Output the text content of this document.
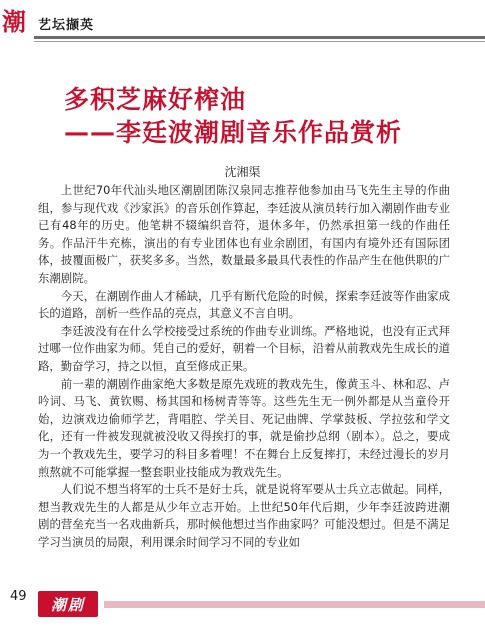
潮 艺坛撷英
多积芝麻好榨油
——李廷波潮剧音乐作品赏析
沈湘渠

上世纪70年代汕头地区潮剧团陈汉泉同志推荐他参加由马飞先生主导的作曲组，参与现代戏《沙家浜》的音乐创作算起，李廷波从演员转行加入潮剧作曲专业已有48年的历史。他笔耕不辍编织音符，退休多年，仍然承担第一线的作曲任务。作品汗牛充栋，演出的有专业团体也有业余剧团，有国内有境外还有国际团体，披覆面极广，获奖多多。当然，数量最多最具代表性的作品产生在他供职的广东潮剧院。

今天，在潮剧作曲人才稀缺，几乎有断代危险的时候，探索李廷波等作曲家成长的道路，剖析一些作品的亮点，其意义不言自明。

李廷波没有在什么学校接受过系统的作曲专业训练。严格地说，也没有正式拜过哪一位作曲家为师。凭自己的爱好，朝着一个目标，沿着从前教戏先生成长的道路，勤奋学习，持之以恒，直至修成正果。

前一辈的潮剧作曲家绝大多数是原先戏班的教戏先生，像黄玉斗、林和忍、卢吟词、马飞、黄钦赐、杨其国和杨树青等等。这些先生无一例外都是从当童伶开始，边演戏边偷师学艺，背唱腔、学关目、死记曲牌、学掌鼓板、学拉弦和学文化，还有一件被发现就被没收又得挨打的事，就是偷抄总纲（剧本）。总之，要成为一个教戏先生，要学习的科目多着哩！不在舞台上反复摔打，未经过漫长的岁月煎熬就不可能掌握一整套职业技能成为教戏先生。

人们说不想当将军的士兵不是好士兵，就是说将军要从士兵立志做起。同样，想当教戏先生的人都是从少年立志开始。上世纪50年代后期，少年李廷波跨进潮剧的营垒充当一名戏曲新兵，那时候他想过当作曲家吗？可能没想过。但是不满足学习当演员的局限，利用课余时间学习不同的专业如

49 潮剧
